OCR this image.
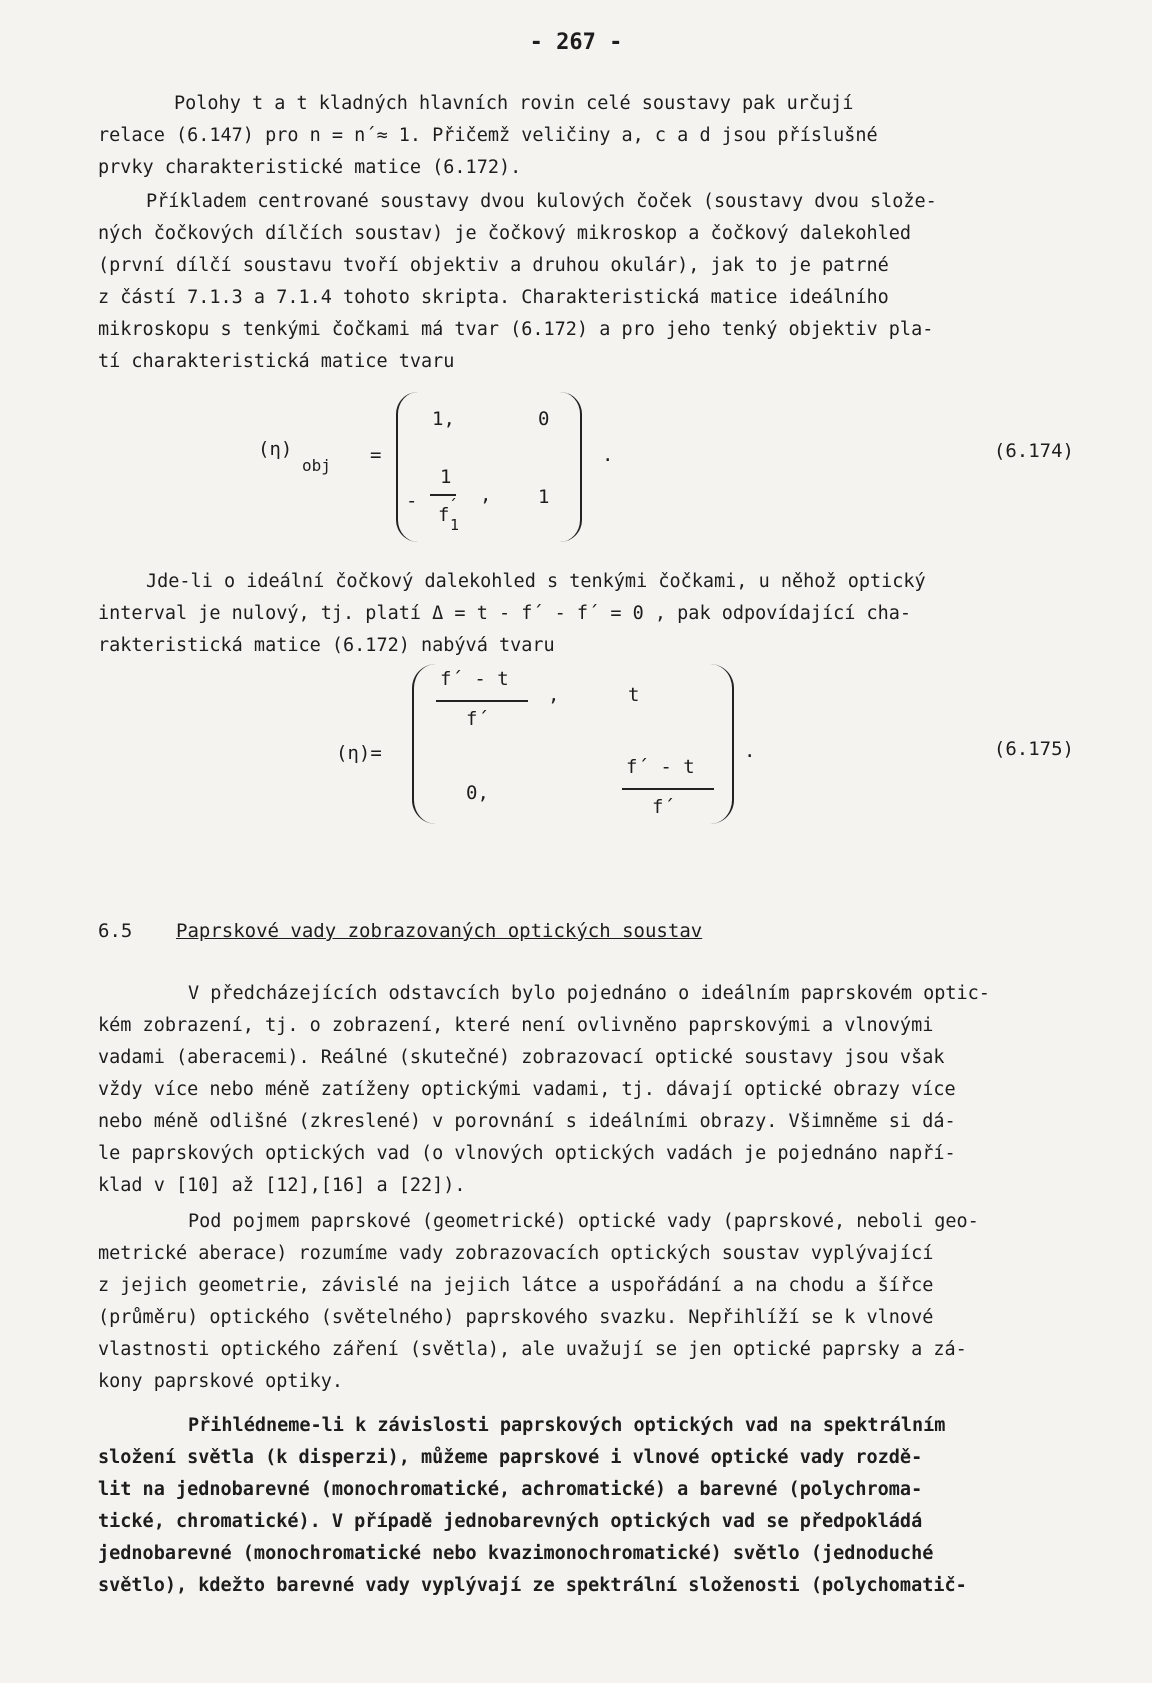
- 267 -
Polohy t a t kladných hlavních rovin celé soustavy pak určují
relace (6.147) pro n = n´≈ 1. Přičemž veličiny a, c a d jsou příslušné
prvky charakteristické matice (6.172).
Příkladem centrované soustavy dvou kulových čoček (soustavy dvou slože-
ných čočkových dílčích soustav) je čočkový mikroskop a čočkový dalekohled
(první dílčí soustavu tvoří objektiv a druhou okulár), jak to je patrné
z částí 7.1.3 a 7.1.4 tohoto skripta. Charakteristická matice ideálního
mikroskopu s tenkými čočkami má tvar (6.172) a pro jeho tenký objektiv pla-
tí charakteristická matice tvaru
(η)
obj =
1,	0
-
1
f
´
1
, 1
.	(6.174)
Jde-li o ideální čočkový dalekohled s tenkými čočkami, u něhož optický
interval je nulový, tj. platí Δ = t - f´ - f´ = 0 , pak odpovídající cha-
rakteristická matice (6.172) nabývá tvaru
(η)=
f´ - t
f´
,	t
0,
f´ - t
f´
.	(6.175)
6.5 Paprskové vady zobrazovaných optických soustav
V předcházejících odstavcích bylo pojednáno o ideálním paprskovém optic-
kém zobrazení, tj. o zobrazení, které není ovlivněno paprskovými a vlnovými
vadami (aberacemi). Reálné (skutečné) zobrazovací optické soustavy jsou však
vždy více nebo méně zatíženy optickými vadami, tj. dávají optické obrazy více
nebo méně odlišné (zkreslené) v porovnání s ideálními obrazy. Všimněme si dá-
le paprskových optických vad (o vlnových optických vadách je pojednáno napří-
klad v [10] až [12],[16] a [22]).
Pod pojmem paprskové (geometrické) optické vady (paprskové, neboli geo-
metrické aberace) rozumíme vady zobrazovacích optických soustav vyplývající
z jejich geometrie, závislé na jejich látce a uspořádání a na chodu a šířce
(průměru) optického (světelného) paprskového svazku. Nepřihlíží se k vlnové
vlastnosti optického záření (světla), ale uvažují se jen optické paprsky a zá-
kony paprskové optiky.
Přihlédneme-li k závislosti paprskových optických vad na spektrálním
složení světla (k disperzi), můžeme paprskové i vlnové optické vady rozdě-
lit na jednobarevné (monochromatické, achromatické) a barevné (polychroma-
tické, chromatické). V případě jednobarevných optických vad se předpokládá
jednobarevné (monochromatické nebo kvazimonochromatické) světlo (jednoduché
světlo), kdežto barevné vady vyplývají ze spektrální složenosti (polychomatič-
